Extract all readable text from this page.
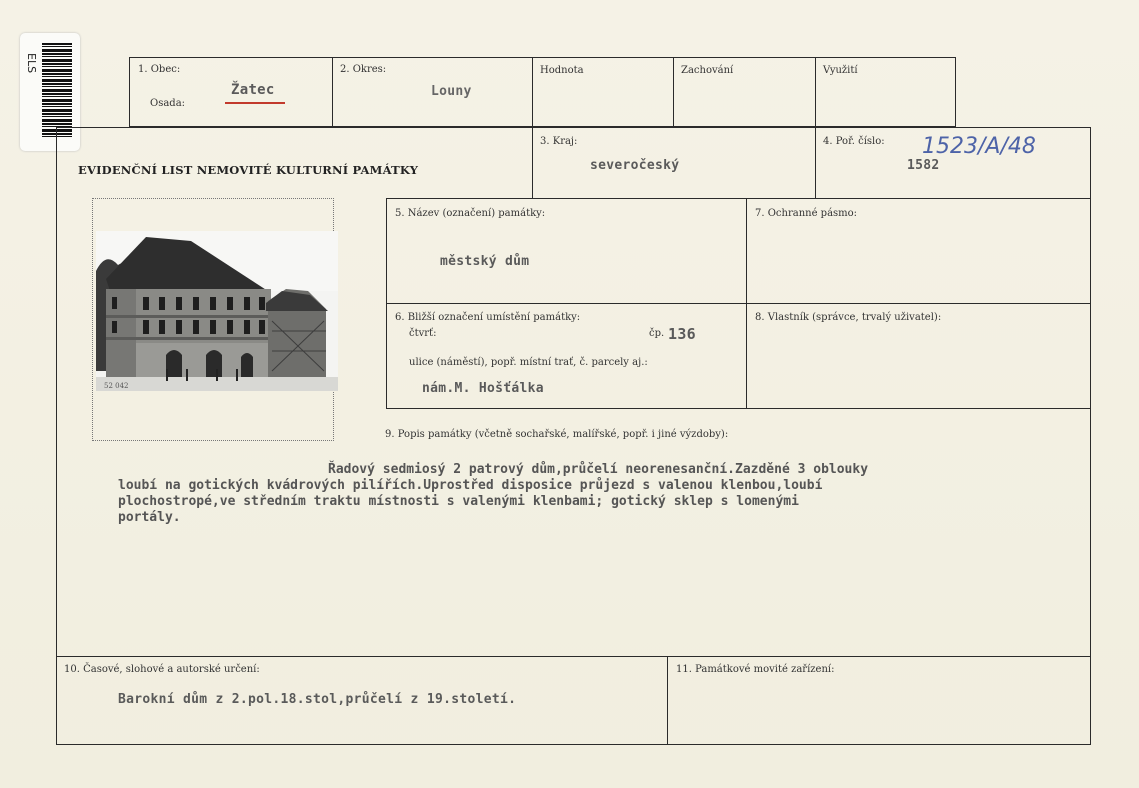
ELS
EVIDENČNÍ LIST NEMOVITÉ KULTURNÍ PAMÁTKY
1. Obec:
Žatec
Osada:
2. Okres:
Louny
Hodnota	Zachování	Využití
3. Kraj:
severočeský
4. Poř. číslo: 1523/A/48
1582
52 042
5. Název (označení) památky:
městský dům
7. Ochranné pásmo:
6. Bližší označení umístění památky:
čtvrť:	čp. 136
ulice (náměstí), popř. místní trať, č. parcely aj.:
nám.M. Hošťálka
8. Vlastník (správce, trvalý uživatel):
9. Popis památky (včetně sochařské, malířské, popř. i jiné výzdoby):
Řadový sedmiosý 2 patrový dům,průčelí neorenesanční.Zazděné 3 oblouky
loubí na gotických kvádrových pilířích.Uprostřed disposice průjezd s valenou klenbou,loubí
plochostropé,ve středním traktu místnosti s valenými klenbami; gotický sklep s lomenými
portály.
10. Časové, slohové a autorské určení:
Barokní dům z 2.pol.18.stol,průčelí z 19.století.
11. Památkové movité zařízení:
